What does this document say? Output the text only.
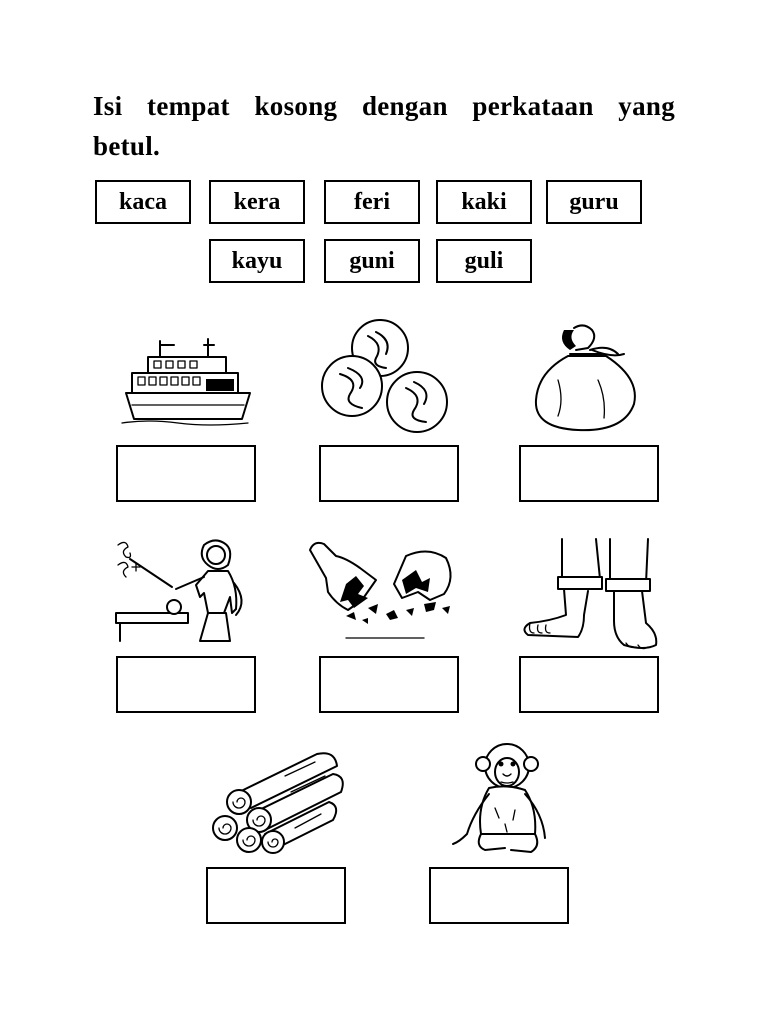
Isi tempat kosong dengan perkataan yang betul.
kaca	kera	feri	kaki	guru
kayu	guni	guli
